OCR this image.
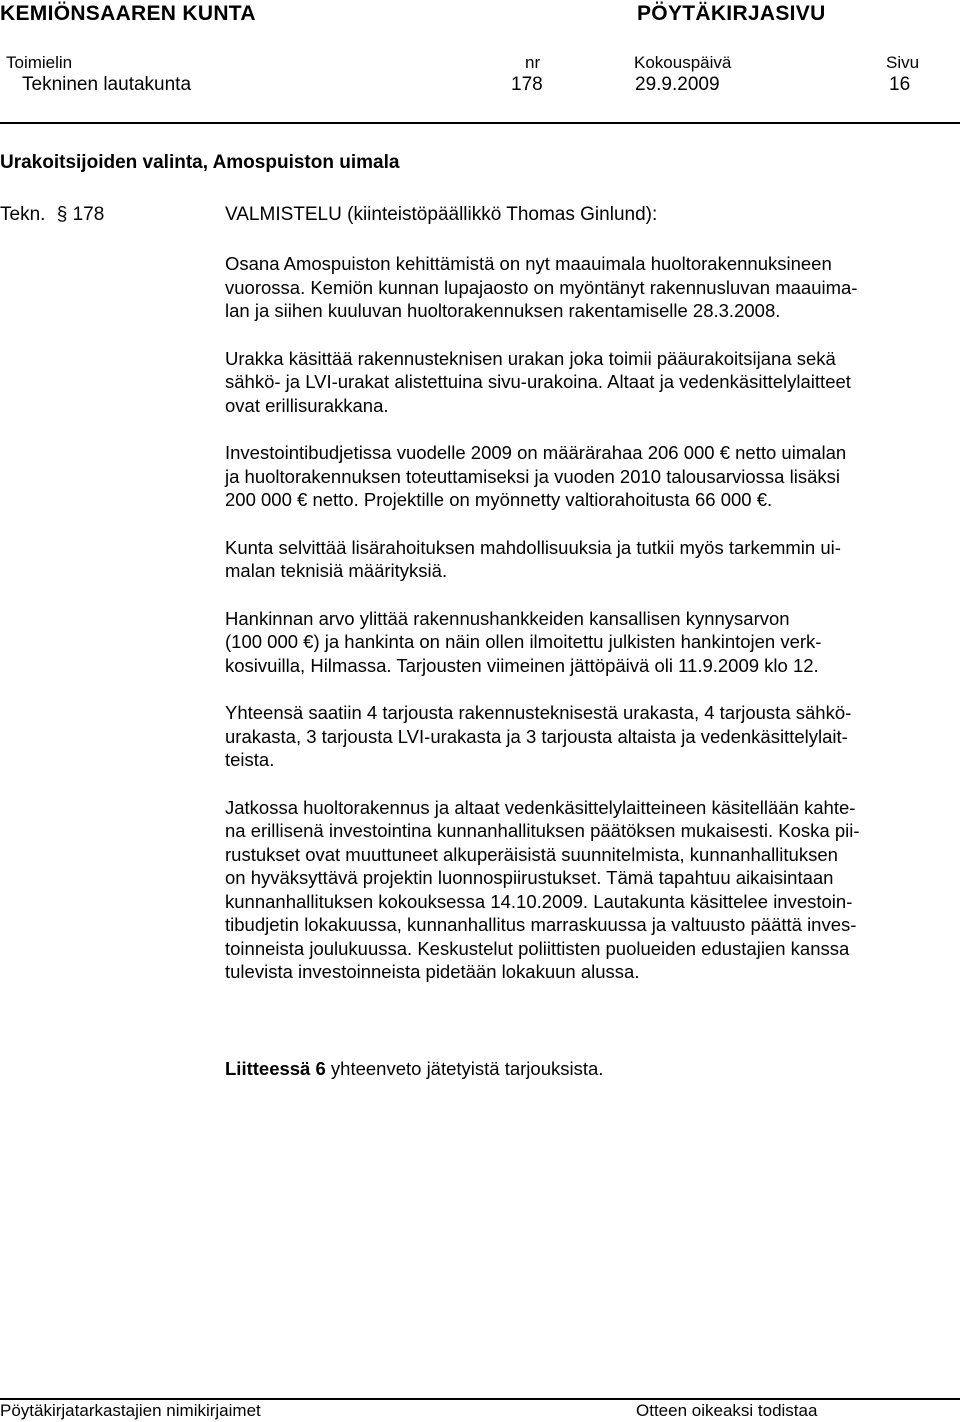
KEMIÖNSAAREN KUNTA	PÖYTÄKIRJASIVU
Toimielin	nr	Kokouspäivä	Sivu
Tekninen lautakunta	178	29.9.2009	16
Urakoitsijoiden valinta, Amospuiston uimala
Tekn. § 178	VALMISTELU (kiinteistöpäällikkö Thomas Ginlund):

Osana Amospuiston kehittämistä on nyt maauimala huoltorakennuksineen
vuorossa. Kemiön kunnan lupajaosto on myöntänyt rakennusluvan maauima-
lan ja siihen kuuluvan huoltorakennuksen rakentamiselle 28.3.2008.

Urakka käsittää rakennusteknisen urakan joka toimii pääurakoitsijana sekä
sähkö- ja LVI-urakat alistettuina sivu-urakoina. Altaat ja vedenkäsittelylaitteet
ovat erillisurakkana.

Investointibudjetissa vuodelle 2009 on määrärahaa 206 000 € netto uimalan
ja huoltorakennuksen toteuttamiseksi ja vuoden 2010 talousarviossa lisäksi
200 000 € netto. Projektille on myönnetty valtiorahoitusta 66 000 €.

Kunta selvittää lisärahoituksen mahdollisuuksia ja tutkii myös tarkemmin ui-
malan teknisiä määrityksiä.

Hankinnan arvo ylittää rakennushankkeiden kansallisen kynnysarvon
(100 000 €) ja hankinta on näin ollen ilmoitettu julkisten hankintojen verk-
kosivuilla, Hilmassa. Tarjousten viimeinen jättöpäivä oli 11.9.2009 klo 12.

Yhteensä saatiin 4 tarjousta rakennusteknisestä urakasta, 4 tarjousta sähkö-
urakasta, 3 tarjousta LVI-urakasta ja 3 tarjousta altaista ja vedenkäsittelylait-
teista.

Jatkossa huoltorakennus ja altaat vedenkäsittelylaitteineen käsitellään kahte-
na erillisenä investointina kunnanhallituksen päätöksen mukaisesti. Koska pii-
rustukset ovat muuttuneet alkuperäisistä suunnitelmista, kunnanhallituksen
on hyväksyttävä projektin luonnospiirustukset. Tämä tapahtuu aikaisintaan
kunnanhallituksen kokouksessa 14.10.2009. Lautakunta käsittelee investoin-
tibudjetin lokakuussa, kunnanhallitus marraskuussa ja valtuusto päättä inves-
toinneista joulukuussa. Keskustelut poliittisten puolueiden edustajien kanssa
tulevista investoinneista pidetään lokakuun alussa.

Liitteessä 6 yhteenveto jätetyistä tarjouksista.
Pöytäkirjatarkastajien nimikirjaimet	Otteen oikeaksi todistaa
